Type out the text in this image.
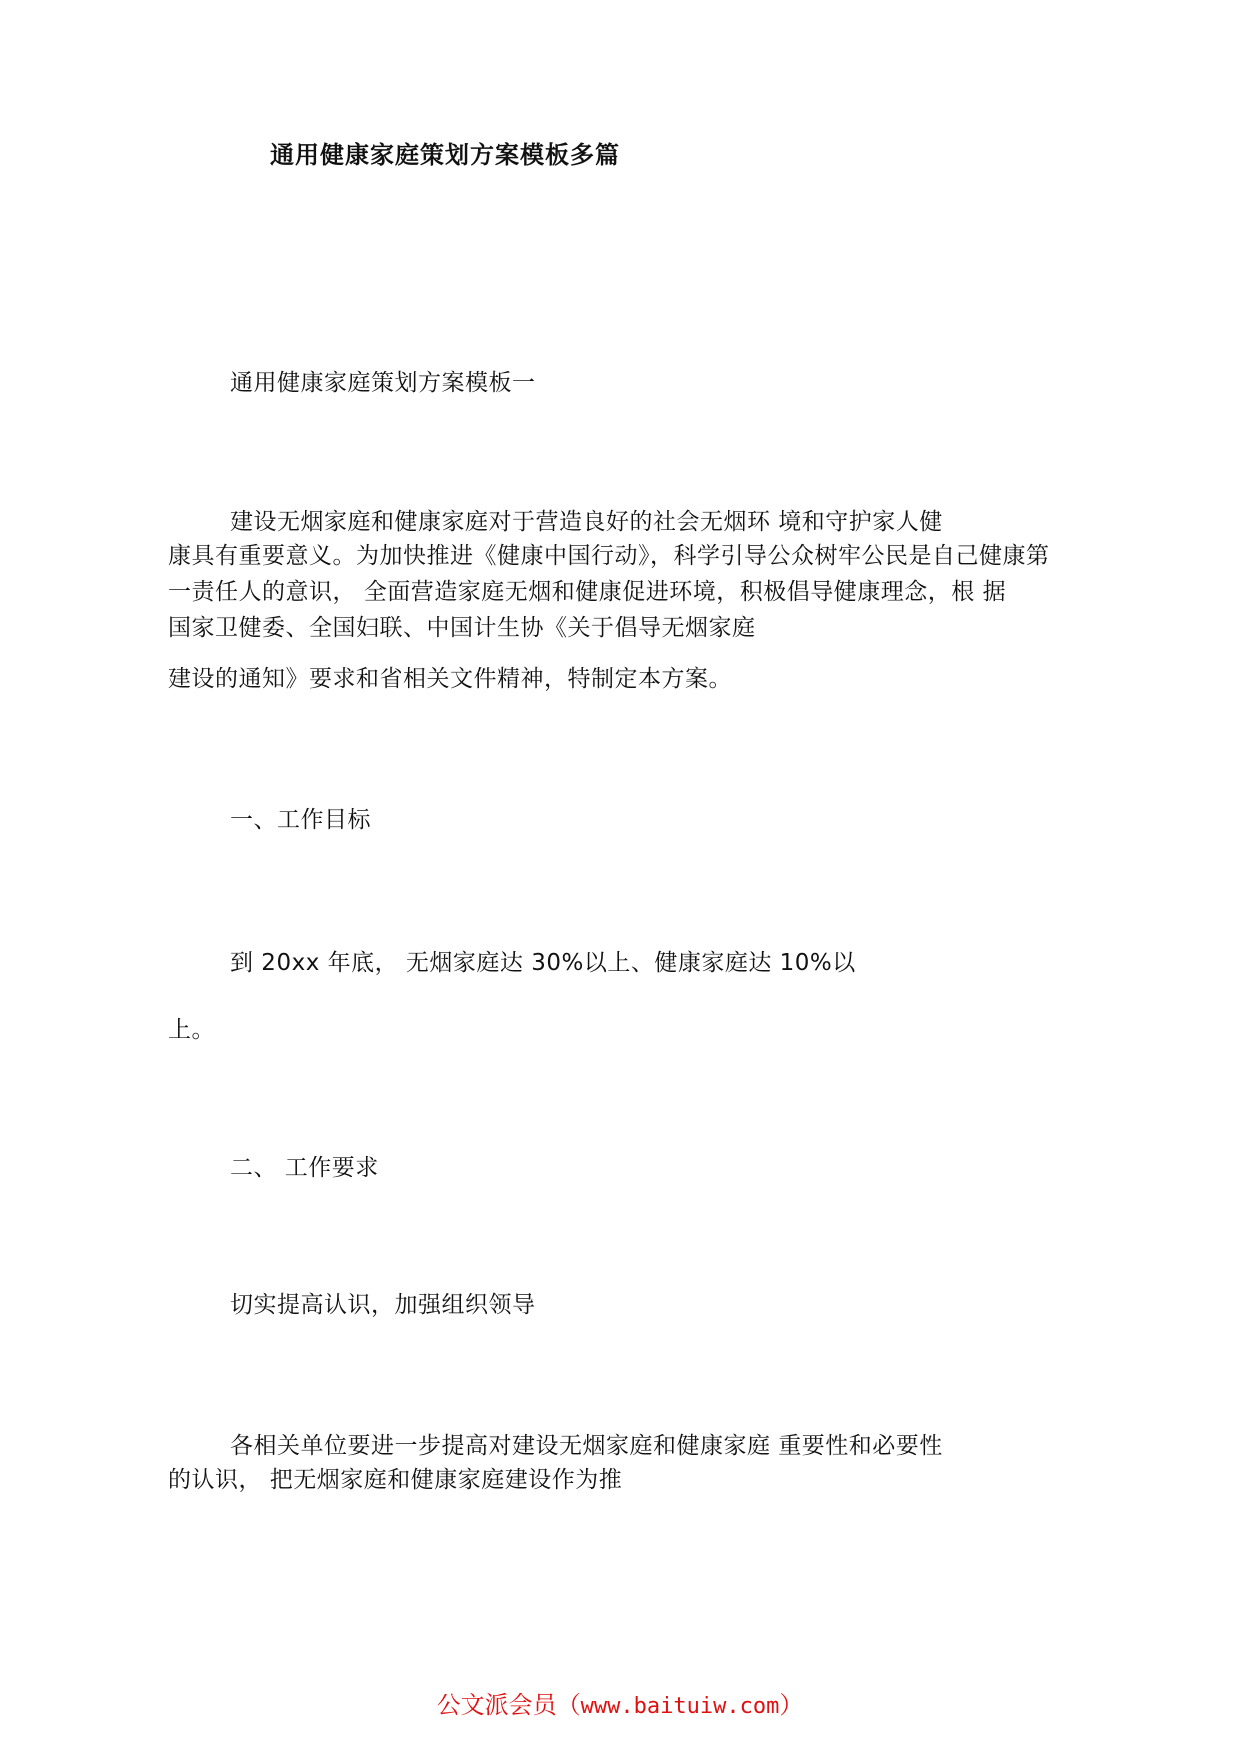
通用健康家庭策划方案模板多篇
通用健康家庭策划方案模板一
建设无烟家庭和健康家庭对于营造良好的社会无烟环 境和守护家人健
康具有重要意义。为加快推进《健康中国行动》，科学引导公众树牢公民是自己健康第
一责任人的意识， 全面营造家庭无烟和健康促进环境，积极倡导健康理念，根 据
国家卫健委、全国妇联、中国计生协《关于倡导无烟家庭
建设的通知》要求和省相关文件精神，特制定本方案。
一、工作目标
到 20xx 年底， 无烟家庭达 30%以上、健康家庭达 10%以
上。
二、 工作要求
切实提高认识，加强组织领导
各相关单位要进一步提高对建设无烟家庭和健康家庭 重要性和必要性
的认识， 把无烟家庭和健康家庭建设作为推
公文派会员（www.baituiw.com）
